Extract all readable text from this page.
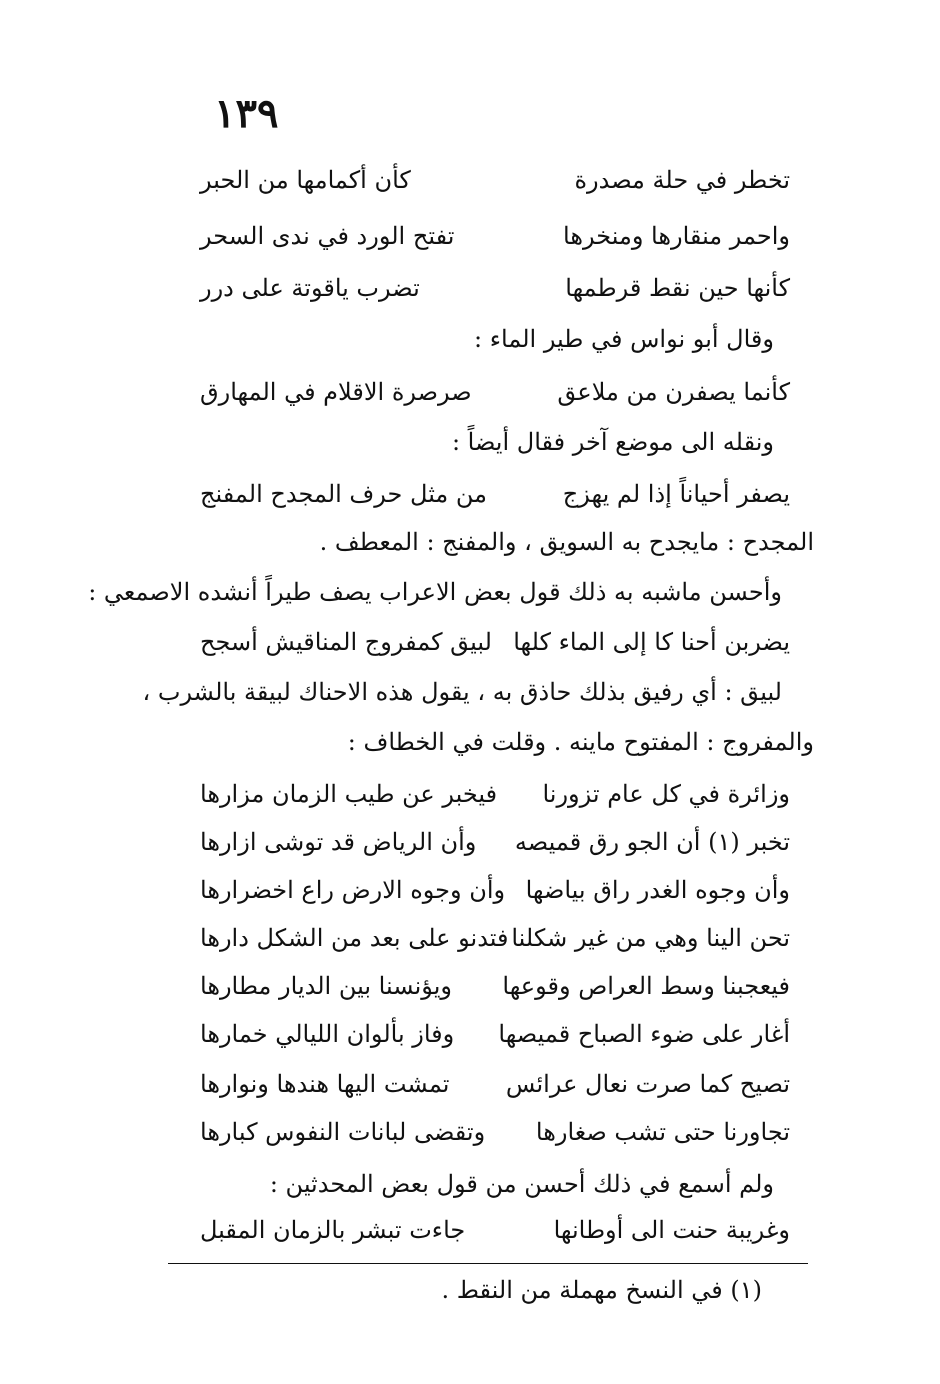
١٣٩
تخطر في حلة مصدرة
كأن أكمامها من الحبر
واحمر منقارها ومنخرها
تفتح الورد في ندى السحر
كأنها حين نقط قرطمها
تضرب ياقوتة على درر
وقال أبو نواس في طير الماء :
كأنما يصفرن من ملاعق
صرصرة الاقلام في المهارق
ونقله الى موضع آخر فقال أيضاً :
يصفر أحياناً إذا لم يهزج
من مثل حرف المجدح المفنج
المجدح : مايجدح به السويق ، والمفنج : المعطف .
وأحسن ماشبه به ذلك قول بعض الاعراب يصف طيراً أنشده الاصمعي :
يضربن أحنا كا إلى الماء كلها
لبيق كمفروج المناقيش أسجح
لبيق : أي رفيق بذلك حاذق به ، يقول هذه الاحناك لبيقة بالشرب ،
والمفروج : المفتوح ماينه . وقلت في الخطاف :
وزائرة في كل عام تزورنا
فيخبر عن طيب الزمان مزارها
تخبر (١) أن الجو رق قميصه
وأن الرياض قد توشى ازارها
وأن وجوه الغدر راق بياضها
وأن وجوه الارض راع اخضرارها
تحن الينا وهي من غير شكلنا
فتدنو على بعد من الشكل دارها
فيعجبنا وسط العراص وقوعها
ويؤنسنا بين الديار مطارها
أغار على ضوء الصباح قميصها
وفاز بألوان الليالي خمارها
تصيح كما صرت نعال عرائس
تمشت اليها هندها ونوارها
تجاورنا حتى تشب صغارها
وتقضى لبانات النفوس كبارها
ولم أسمع في ذلك أحسن من قول بعض المحدثين :
وغريبة حنت الى أوطانها
جاءت تبشر بالزمان المقبل
(١) في النسخ مهملة من النقط .
